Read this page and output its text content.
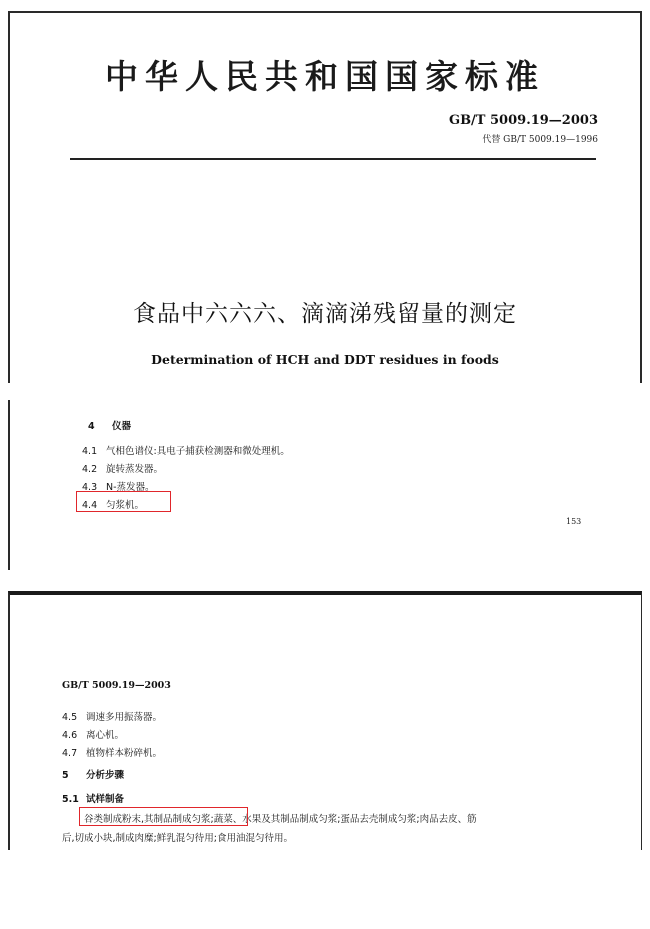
中华人民共和国国家标准
GB/T 5009.19—2003
代替 GB/T 5009.19—1996
食品中六六六、滴滴涕残留量的测定
Determination of HCH and DDT residues in foods
4 仪器
4.1 气相色谱仪:具电子捕获检测器和微处理机。
4.2 旋转蒸发器。
4.3 N-蒸发器。
4.4 匀浆机。
153
GB/T 5009.19—2003
4.5 调速多用振荡器。
4.6 离心机。
4.7 植物样本粉碎机。
5 分析步骤
5.1 试样制备
谷类制成粉末,其制品制成匀浆;蔬菜、水果及其制品制成匀浆;蛋品去壳制成匀浆;肉品去皮、筋
后,切成小块,制成肉糜;鲜乳混匀待用;食用油混匀待用。
